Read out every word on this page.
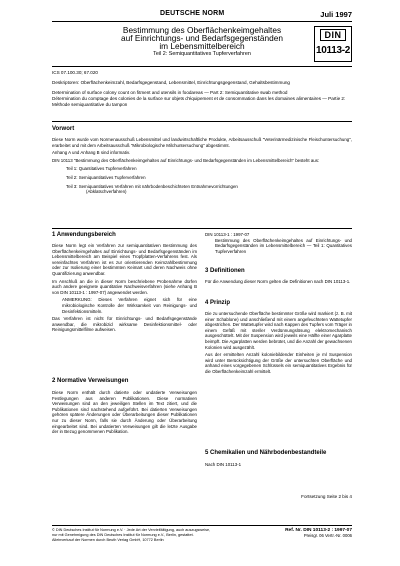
DEUTSCHE NORM	Juli 1997
Bestimmung des Oberflächenkeimgehaltes
auf Einrichtungs- und Bedarfsgegenständen
im Lebensmittelbereich
Teil 2: Semiquantitatives Tupferverfahren
DIN
10113-2
ICS 07.100.30; 67.020
Deskriptoren: Oberflächenkeimzahl, Bedarfsgegenstand, Lebensmittel, Einrichtungsgegenstand, Gehaltsbestimmung
Determination of surface colony count on fitment and utensils in foodareas — Part 2: Semiquantitative swab method
Détermination du comptage des colonies de la surface sur objets d'équipement et de consommation dans les domaines alimentaires — Partie 2: Méthode semiquantitative du tampon
Vorwort

Diese Norm wurde vom Normenausschuß Lebensmittel und landwirtschaftliche Produkte, Arbeitsausschuß "Veterinärmedizinische Fleischuntersuchung", erarbeitet und mit dem Arbeitsausschuß "Mikrobiologische Milchuntersuchung" abgestimmt.

Anhang A und Anhang B sind informativ.

DIN 10113 "Bestimmung des Oberflächenkeimgehaltes auf Einrichtungs- und Bedarfsgegenständen im Lebensmittelbereich" besteht aus:

Teil 1: Quantitatives Tupferverfahren
Teil 2: Semiquantitatives Tupferverfahren
Teil 3: Semiquantitatives Verfahren mit nährbodenbeschichteten Entnahmevorrichtungen
(Abklatschverfahren)
1 Anwendungsbereich

Diese Norm legt ein Verfahren zur semiquantitativen Bestimmung des Oberflächenkeimgehaltes auf Einrichtungs- und Bedarfsgegenständen im Lebensmittelbereich am Beispiel eines Tropfplatten-Verfahrens fest. Als vereinfachtes Verfahren ist es zur orientierenden Keimzahlbestimmung oder zur Isolierung einer bestimmten Keimart und deren Nachweis ohne Quantifizierung anwendbar.

Im Anschluß an die in dieser Norm beschriebene Probenahme dürfen auch andere geeignete quantitative Nachweisverfahren (siehe Anhang B von DIN 10113-1 : 1997-07) angewendet werden.

ANMERKUNG: Dieses Verfahren eignet sich für eine mikrobiologische Kontrolle der Wirksamkeit von Reinigungs- und Desinfektionsmitteln.

Das Verfahren ist nicht für Einrichtungs- und Bedarfsgegenstände anwendbar, die mikrobizid wirksame Desinfektionsmittel- oder Reinigungsmittelfilme aufweisen.

2 Normative Verweisungen

Diese Norm enthält durch datierte oder undatierte Verweisungen Festlegungen aus anderen Publikationen. Diese normativen Verweisungen sind an den jeweiligen Stellen im Text zitiert, und die Publikationen sind nachstehend aufgeführt. Bei datierten Verweisungen gehören spätere Änderungen oder Überarbeitungen dieser Publikationen nur zu dieser Norm, falls sie durch Änderung oder Überarbeitung eingearbeitet sind. Bei undatierten Verweisungen gilt die letzte Ausgabe der in Bezug genommenen Publikation.

DIN 10113-1 : 1997-07

Bestimmung des Oberflächenkeimgehaltes auf Einrichtungs- und Bedarfsgegenständen im Lebensmittelbereich — Teil 1: Quantitatives Tupferverfahren

3 Definitionen

Für die Anwendung dieser Norm gelten die Definitionen nach DIN 10113-1.

4 Prinzip

Die zu untersuchende Oberfläche bestimmter Größe wird markiert (z. B. mit einer Schablone) und anschließend mit einem angefeuchteten Wattetupfer abgestrichen. Der Wattetupfer wird nach Kappen des Tupfers vom Träger in einem Gefäß mit steriler Verdünnungslösung elektromechanisch ausgeschüttelt. Mit der Suspension wird jeweils eine Hälfte einer Agarplatte beimpft. Die Agarplatten werden bebrütet, und die Anzahl der gewachsenen Kolonien wird ausgezählt.

Aus der ermittelten Anzahl koloniebildender Einheiten je ml Suspension wird unter Berücksichtigung der Größe der untersuchten Oberfläche und anhand eines vorgegebenen Schlüssels ein semiquantitatives Ergebnis für die Oberflächenkeimzahl ermittelt.

5 Chemikalien und Nährbodenbestandteile

Nach DIN 10113-1

Fortsetzung Seite 2 bis 4
© DIN Deutsches Institut für Normung e.V. · Jede Art der Vervielfältigung, auch auszugsweise,
nur mit Genehmigung des DIN Deutsches Institut für Normung e.V., Berlin, gestattet.
Alleinverkauf der Normen durch Beuth Verlag GmbH, 10772 Berlin
Ref. Nr. DIN 10113-2 : 1997-07
Preisgr. 06 Vertr.-Nr. 0006
